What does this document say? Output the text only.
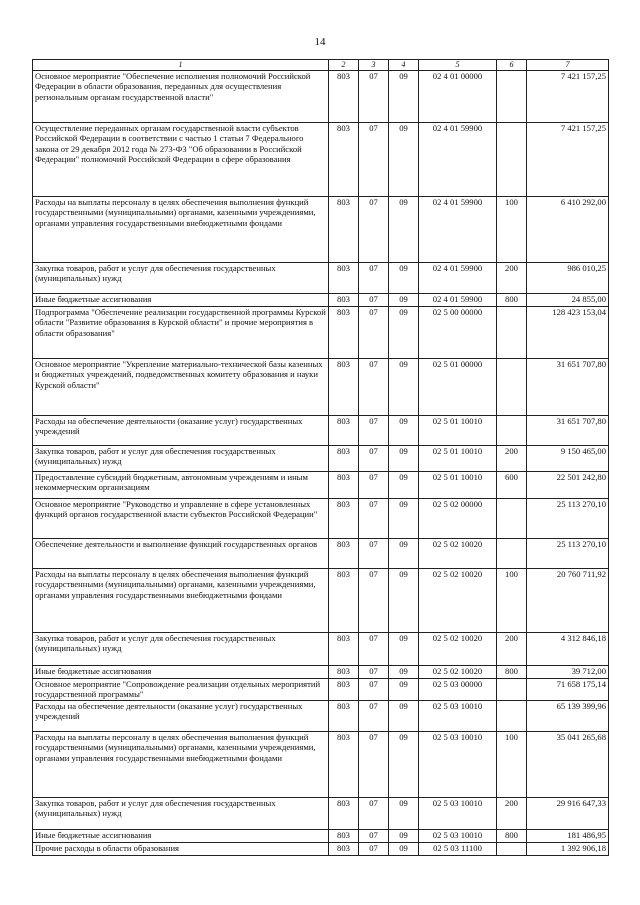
14
1	2	3	4	5	6	7
Основное мероприятие "Обеспечение исполнения полномочий Российской Федерации в области образования, переданных для осуществления региональным органам государственной власти"	803	07	09	02 4 01 00000		7 421 157,25
Осуществление переданных органам государственной власти субъектов Российской Федерации в соответствии с частью 1 статьи 7 Федерального закона от 29 декабря 2012 года № 273-ФЗ "Об образовании в Российской Федерации" полномочий Российской Федерации в сфере образования	803	07	09	02 4 01 59900		7 421 157,25
Расходы на выплаты персоналу в целях обеспечения выполнения функций государственными (муниципальными) органами, казенными учреждениями, органами управления государственными внебюджетными фондами	803	07	09	02 4 01 59900	100	6 410 292,00
Закупка товаров, работ и услуг для обеспечения государственных (муниципальных) нужд	803	07	09	02 4 01 59900	200	986 010,25
Иные бюджетные ассигнования	803	07	09	02 4 01 59900	800	24 855,00
Подпрограмма "Обеспечение реализации государственной программы Курской области "Развитие образования в Курской области" и прочие мероприятия в области образования"	803	07	09	02 5 00 00000		128 423 153,04
Основное мероприятие "Укрепление материально-технической базы казенных и бюджетных учреждений, подведомственных комитету образования и науки Курской области"	803	07	09	02 5 01 00000		31 651 707,80
Расходы на обеспечение деятельности (оказание услуг) государственных учреждений	803	07	09	02 5 01 10010		31 651 707,80
Закупка товаров, работ и услуг для обеспечения государственных (муниципальных) нужд	803	07	09	02 5 01 10010	200	9 150 465,00
Предоставление субсидий бюджетным, автономным учреждениям и иным некоммерческим организациям	803	07	09	02 5 01 10010	600	22 501 242,80
Основное мероприятие "Руководство и управление в сфере установленных функций органов государственной власти субъектов Российской Федерации"	803	07	09	02 5 02 00000		25 113 270,10
Обеспечение деятельности и выполнение функций государственных органов	803	07	09	02 5 02 10020		25 113 270,10
Расходы на выплаты персоналу в целях обеспечения выполнения функций государственными (муниципальными) органами, казенными учреждениями, органами управления государственными внебюджетными фондами	803	07	09	02 5 02 10020	100	20 760 711,92
Закупка товаров, работ и услуг для обеспечения государственных (муниципальных) нужд	803	07	09	02 5 02 10020	200	4 312 846,18
Иные бюджетные ассигнования	803	07	09	02 5 02 10020	800	39 712,00
Основное мероприятие "Сопровождение реализации отдельных мероприятий государственной программы"	803	07	09	02 5 03 00000		71 658 175,14
Расходы на обеспечение деятельности (оказание услуг) государственных учреждений	803	07	09	02 5 03 10010		65 139 399,96
Расходы на выплаты персоналу в целях обеспечения выполнения функций государственными (муниципальными) органами, казенными учреждениями, органами управления государственными внебюджетными фондами	803	07	09	02 5 03 10010	100	35 041 265,68
Закупка товаров, работ и услуг для обеспечения государственных (муниципальных) нужд	803	07	09	02 5 03 10010	200	29 916 647,33
Иные бюджетные ассигнования	803	07	09	02 5 03 10010	800	181 486,95
Прочие расходы в области образования	803	07	09	02 5 03 11100		1 392 906,18
